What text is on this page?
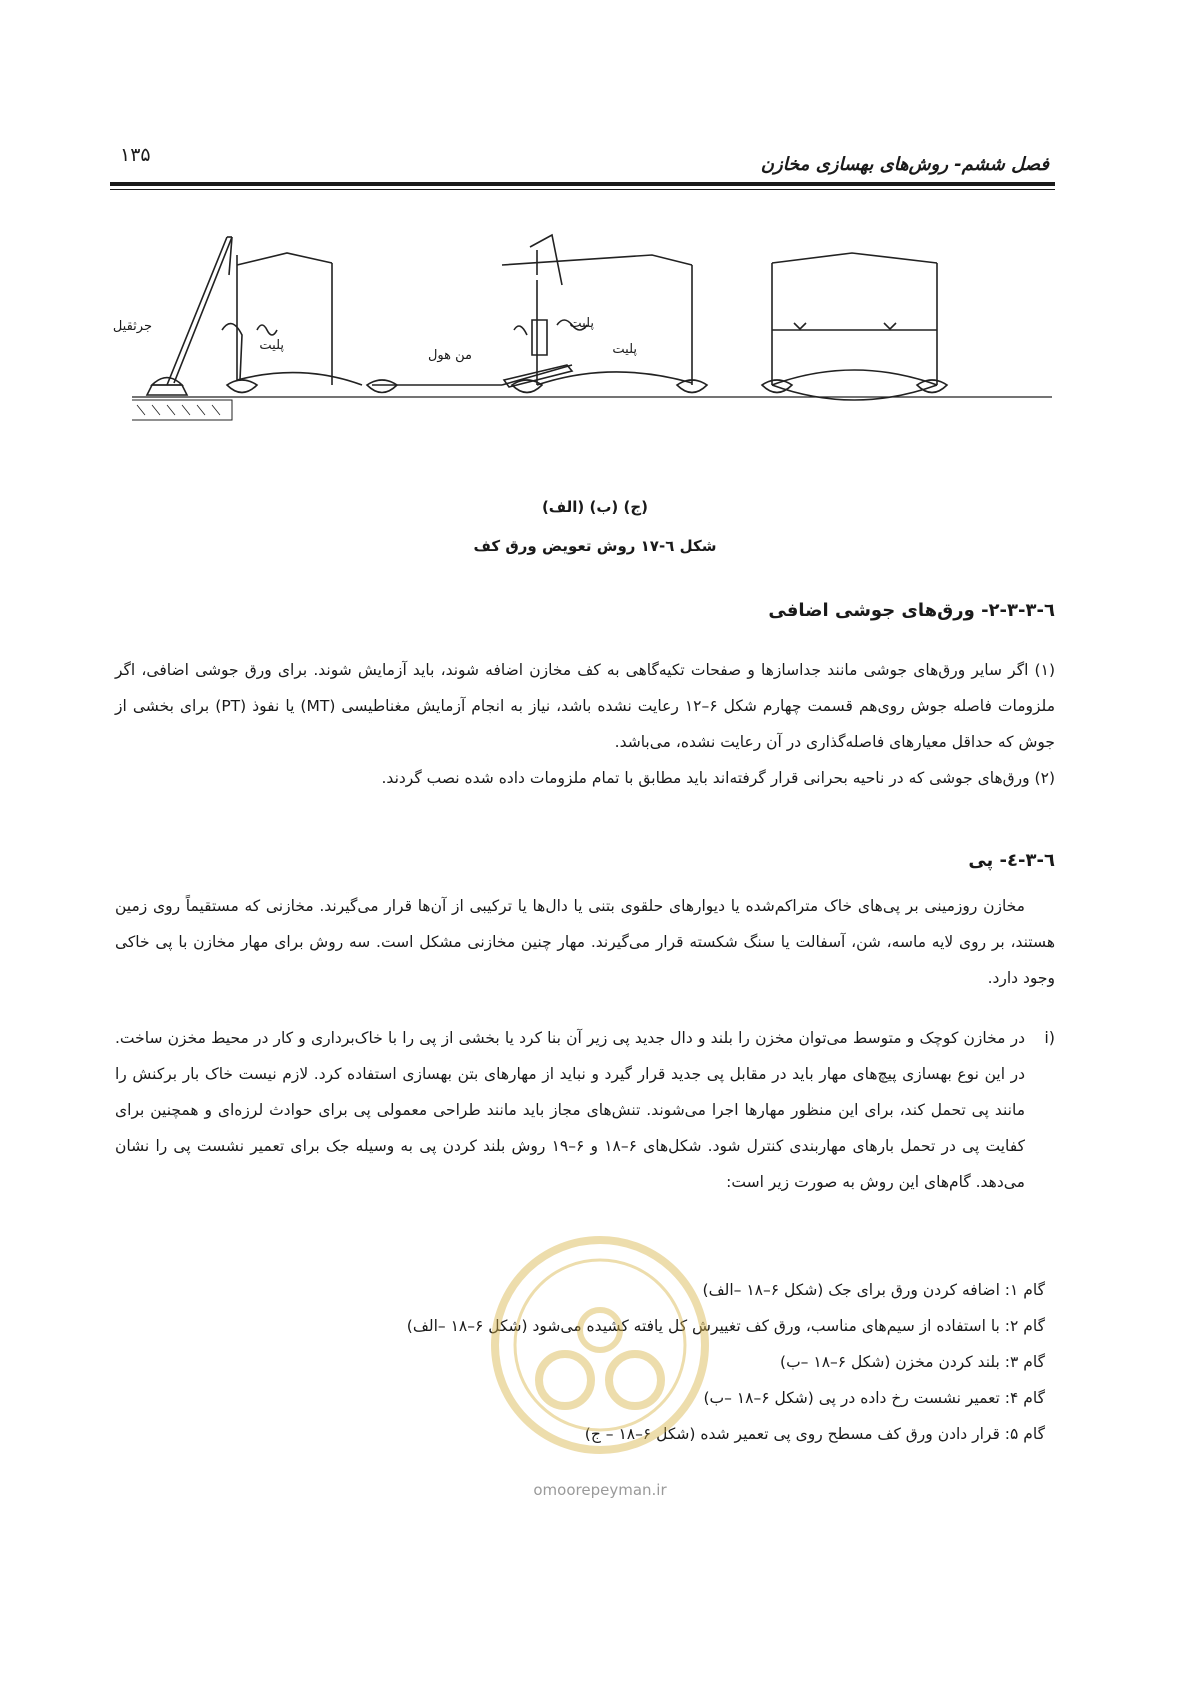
۱۳۵	فصل ششم- روش‌های بهسازی مخازن
جرثقیل
پلیت
پلیت
پلیت
من هول
(ج) (ب) (الف)
شکل ٦-١٧ روش تعویض ورق کف
٦-٣-٣-٢- ورق‌های جوشی اضافی
(١) اگر سایر ورق‌های جوشی مانند جداسازها و صفحات تکیه‌گاهی به کف مخازن اضافه شوند، باید آزمایش شوند. برای ورق جوشی اضافی، اگر ملزومات فاصله جوش روی‌هم قسمت چهارم شکل ۶–۱۲ رعایت نشده باشد، نیاز به انجام آزمایش مغناطیسی (MT) یا نفوذ (PT) برای بخشی از جوش که حداقل معیارهای فاصله‌گذاری در آن رعایت نشده، می‌باشد.
(٢) ورق‌های جوشی که در ناحیه بحرانی قرار گرفته‌اند باید مطابق با تمام ملزومات داده شده نصب گردند.
٦-٣-٤- پی
مخازن روزمینی بر پی‌های خاک متراکم‌شده یا دیوارهای حلقوی بتنی یا دال‌ها یا ترکیبی از آن‌ها قرار می‌گیرند. مخازنی که مستقیماً روی زمین هستند، بر روی لایه ماسه، شن، آسفالت یا سنگ شکسته قرار می‌گیرند. مهار چنین مخازنی مشکل است. سه روش برای مهار مخازن با پی خاکی وجود دارد.
i)
در مخازن کوچک و متوسط می‌توان مخزن را بلند و دال جدید پی زیر آن بنا کرد یا بخشی از پی را با خاک‌برداری و کار در محیط مخزن ساخت. در این نوع بهسازی پیچ‌های مهار باید در مقابل پی جدید قرار گیرد و نباید از مهارهای بتن بهسازی استفاده کرد. لازم نیست خاک بار برکنش را مانند پی تحمل کند، برای این منظور مهارها اجرا می‌شوند. تنش‌های مجاز باید مانند طراحی معمولی پی برای حوادث لرزه‌ای و همچنین برای کفایت پی در تحمل بارهای مهاربندی کنترل شود. شکل‌های ۶–۱۸ و ۶–۱۹ روش بلند کردن پی به وسیله جک برای تعمیر نشست پی را نشان می‌دهد. گام‌های این روش به صورت زیر است:
گام ۱: اضافه کردن ورق برای جک (شکل ۶–۱۸ –الف)
گام ۲: با استفاده از سیم‌های مناسب، ورق کف تغییرش کل یافته کشیده می‌شود (شکل ۶–۱۸ –الف)
گام ۳: بلند کردن مخزن (شکل ۶–۱۸ –ب)
گام ۴: تعمیر نشست رخ داده در پی (شکل ۶–۱۸ –ب)
گام ۵: قرار دادن ورق کف مسطح روی پی تعمیر شده (شکل ۶–۱۸ – ج)
omoorepeyman.ir
